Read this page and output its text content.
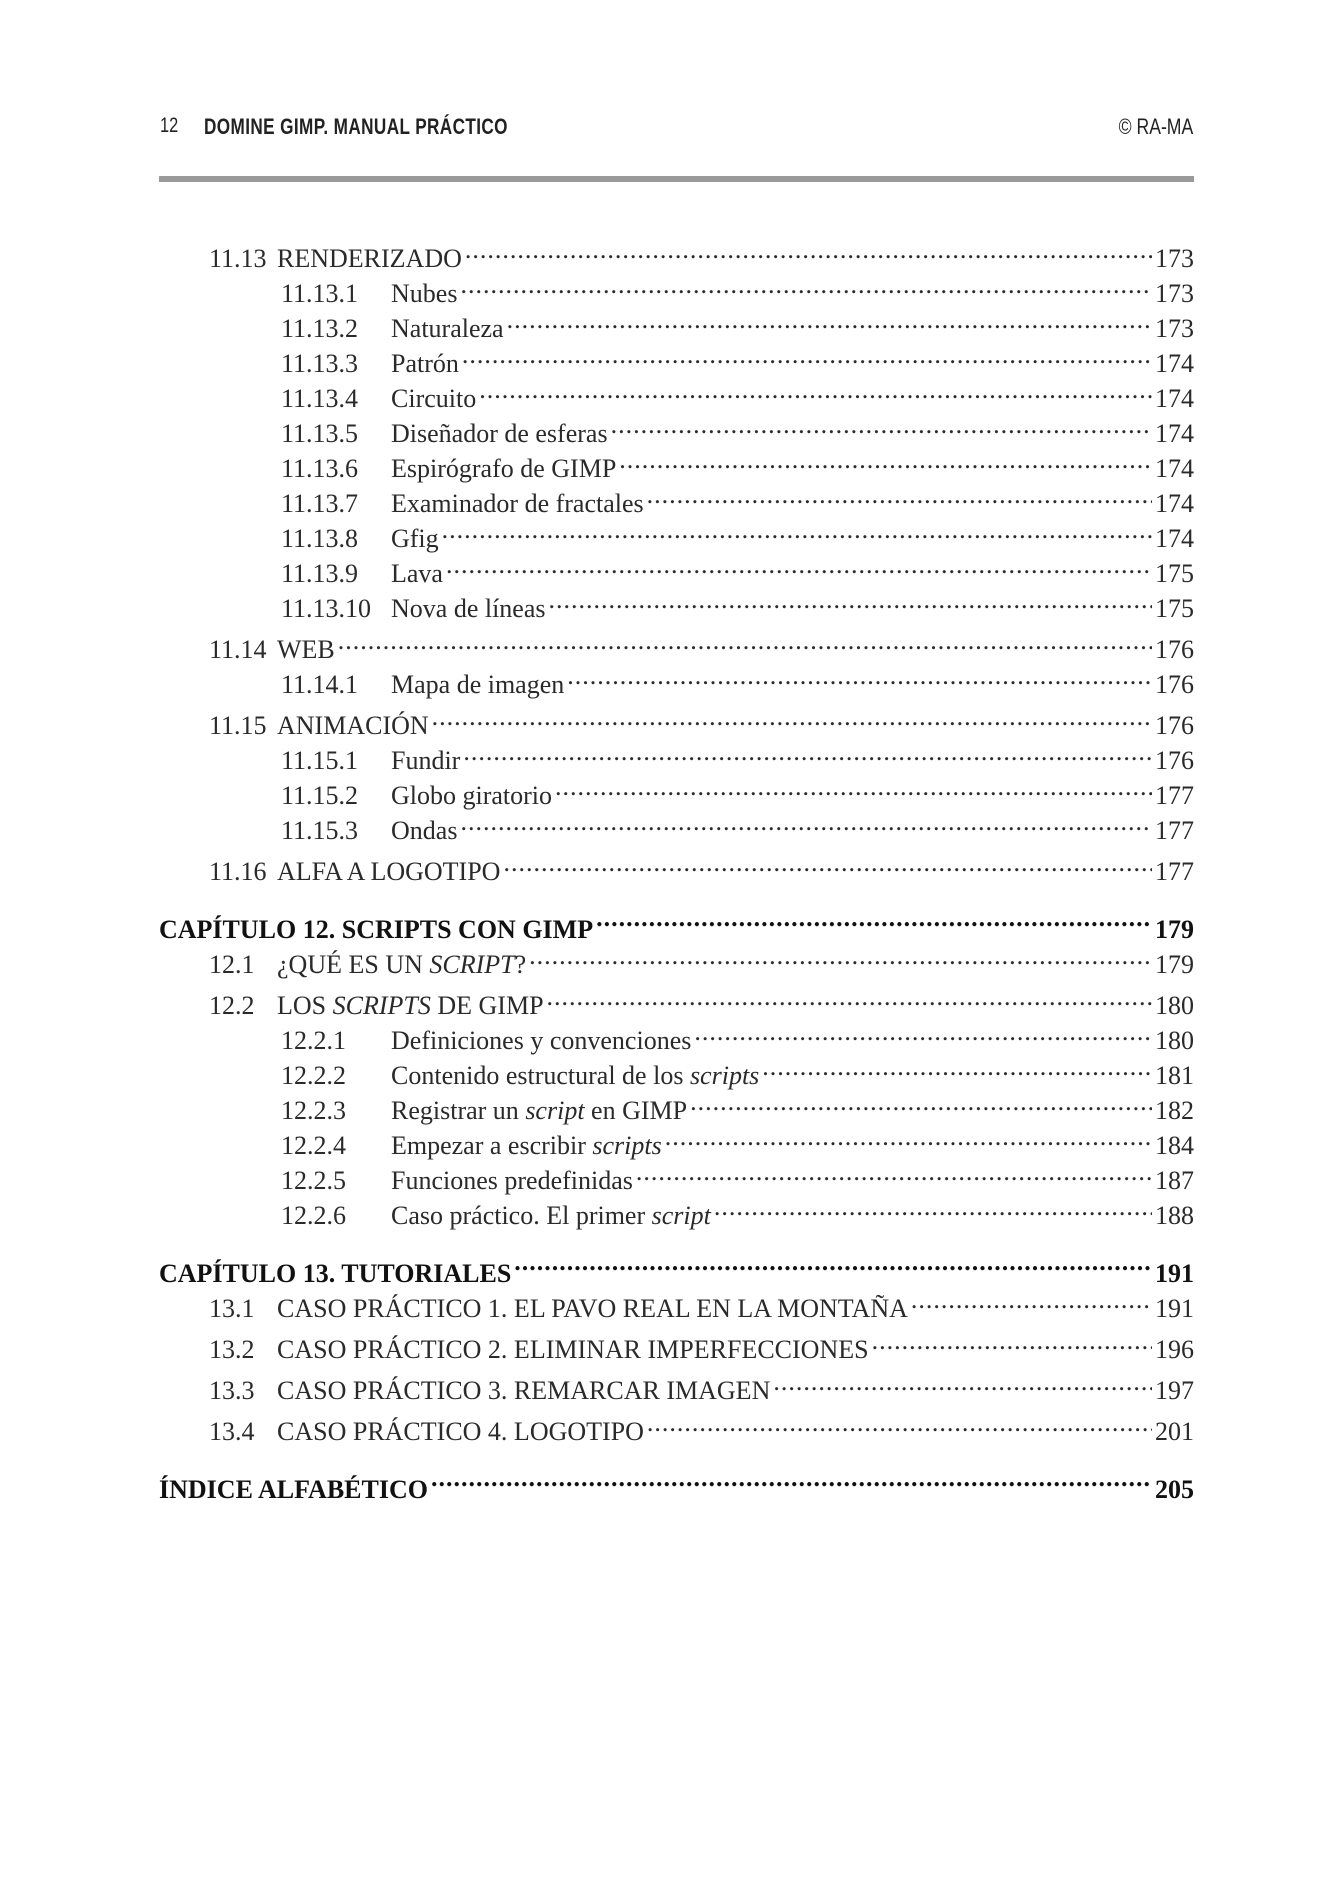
12 DOMINE GIMP. MANUAL PRÁCTICO	© RA-MA
11.13 RENDERIZADO .....	173
11.13.1	Nubes .....	173
11.13.2	Naturaleza .....	173
11.13.3	Patrón .....	174
11.13.4	Circuito .....	174
11.13.5	Diseñador de esferas .....	174
11.13.6	Espirógrafo de GIMP .....	174
11.13.7	Examinador de fractales .....	174
11.13.8	Gfig .....	174
11.13.9	Lava .....	175
11.13.10 Nova de líneas .....	175
11.14 WEB .....	176
11.14.1	Mapa de imagen .....	176
11.15 ANIMACIÓN .....	176
11.15.1	Fundir .....	176
11.15.2	Globo giratorio .....	177
11.15.3	Ondas .....	177
11.16 ALFA A LOGOTIPO .....	177
CAPÍTULO 12. SCRIPTS CON GIMP .....	179
12.1 ¿QUÉ ES UN SCRIPT? .....	179
12.2 LOS SCRIPTS DE GIMP .....	180
12.2.1	Definiciones y convenciones .....	180
12.2.2	Contenido estructural de los scripts .....	181
12.2.3	Registrar un script en GIMP .....	182
12.2.4	Empezar a escribir scripts .....	184
12.2.5	Funciones predefinidas .....	187
12.2.6	Caso práctico. El primer script .....	188
CAPÍTULO 13. TUTORIALES .....	191
13.1 CASO PRÁCTICO 1. EL PAVO REAL EN LA MONTAÑA .....	191
13.2 CASO PRÁCTICO 2. ELIMINAR IMPERFECCIONES .....	196
13.3 CASO PRÁCTICO 3. REMARCAR IMAGEN .....	197
13.4 CASO PRÁCTICO 4. LOGOTIPO .....	201
ÍNDICE ALFABÉTICO .....	205
